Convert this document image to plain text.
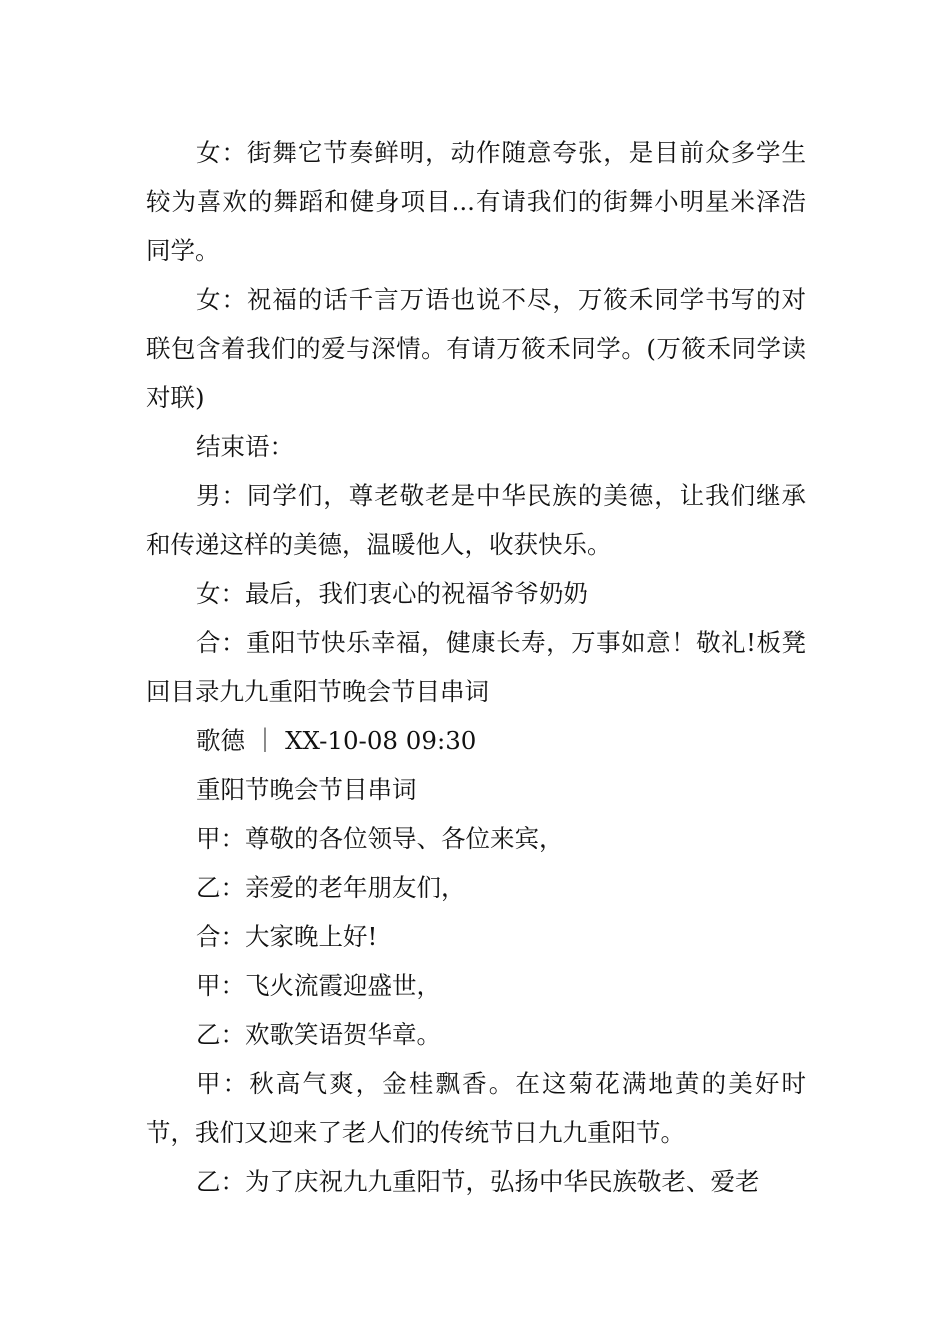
女：街舞它节奏鲜明，动作随意夸张，是目前众多学生较为喜欢的舞蹈和健身项目...有请我们的街舞小明星米泽浩同学。

女：祝福的话千言万语也说不尽，万筱禾同学书写的对联包含着我们的爱与深情。有请万筱禾同学。(万筱禾同学读对联)

结束语：

男：同学们，尊老敬老是中华民族的美德，让我们继承和传递这样的美德，温暖他人，收获快乐。

女：最后，我们衷心的祝福爷爷奶奶

合：重阳节快乐幸福，健康长寿，万事如意！敬礼!板凳回目录九九重阳节晚会节目串词

歌德 ｜ XX-10-08 09:30

重阳节晚会节目串词

甲：尊敬的各位领导、各位来宾，

乙：亲爱的老年朋友们，

合：大家晚上好!

甲：飞火流霞迎盛世，

乙：欢歌笑语贺华章。

甲：秋高气爽，金桂飘香。在这菊花满地黄的美好时节，我们又迎来了老人们的传统节日九九重阳节。

乙：为了庆祝九九重阳节，弘扬中华民族敬老、爱老
